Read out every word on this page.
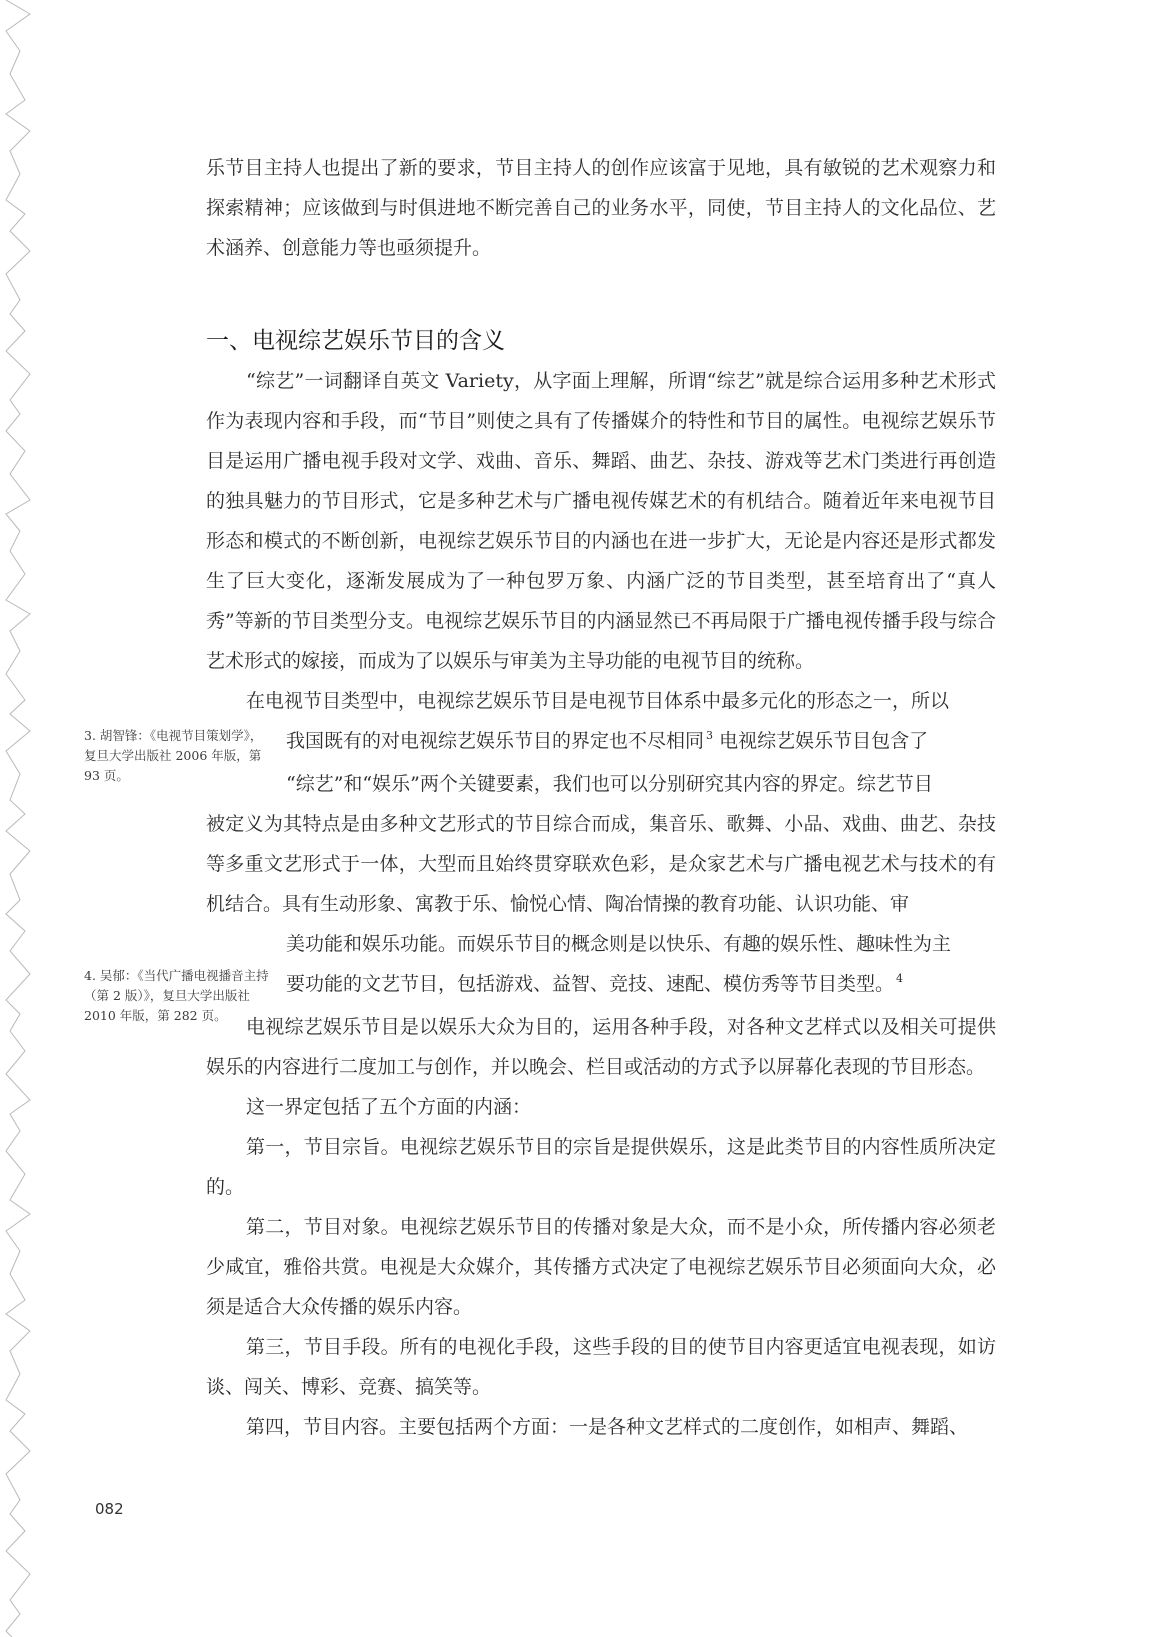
乐节目主持人也提出了新的要求，节目主持人的创作应该富于见地，具有敏锐的艺术观察力和探索精神；应该做到与时俱进地不断完善自己的业务水平，同使，节目主持人的文化品位、艺术涵养、创意能力等也亟须提升。

一、电视综艺娱乐节目的含义

“综艺”一词翻译自英文 Variety，从字面上理解，所谓“综艺”就是综合运用多种艺术形式作为表现内容和手段，而“节目”则使之具有了传播媒介的特性和节目的属性。电视综艺娱乐节目是运用广播电视手段对文学、戏曲、音乐、舞蹈、曲艺、杂技、游戏等艺术门类进行再创造的独具魅力的节目形式，它是多种艺术与广播电视传媒艺术的有机结合。随着近年来电视节目形态和模式的不断创新，电视综艺娱乐节目的内涵也在进一步扩大，无论是内容还是形式都发生了巨大变化，逐渐发展成为了一种包罗万象、内涵广泛的节目类型，甚至培育出了“真人秀”等新的节目类型分支。电视综艺娱乐节目的内涵显然已不再局限于广播电视传播手段与综合艺术形式的嫁接，而成为了以娱乐与审美为主导功能的电视节目的统称。

在电视节目类型中，电视综艺娱乐节目是电视节目体系中最多元化的形态之一，所以

我国既有的对电视综艺娱乐节目的界定也不尽相同 $^3$ 电视综艺娱乐节目包含了

“综艺”和“娱乐”两个关键要素，我们也可以分别研究其内容的界定。综艺节目

被定义为其特点是由多种文艺形式的节目综合而成，集音乐、歌舞、小品、戏曲、曲艺、杂技等多重文艺形式于一体，大型而且始终贯穿联欢色彩，是众家艺术与广播电视艺术与技术的有机结合。具有生动形象、寓教于乐、愉悦心情、陶冶情操的教育功能、认识功能、审

美功能和娱乐功能。而娱乐节目的概念则是以快乐、有趣的娱乐性、趣味性为主

要功能的文艺节目，包括游戏、益智、竞技、速配、模仿秀等节目类型。 $^4$

3. 胡智锋：《电视节目策划学》，复旦大学出版社 2006 年版，第 93 页。
4. 吴郁：《当代广播电视播音主持（第 2 版）》，复旦大学出版社 2010 年版，第 282 页。

电视综艺娱乐节目是以娱乐大众为目的，运用各种手段，对各种文艺样式以及相关可提供娱乐的内容进行二度加工与创作，并以晚会、栏目或活动的方式予以屏幕化表现的节目形态。

这一界定包括了五个方面的内涵：

第一，节目宗旨。电视综艺娱乐节目的宗旨是提供娱乐，这是此类节目的内容性质所决定的。

第二，节目对象。电视综艺娱乐节目的传播对象是大众，而不是小众，所传播内容必须老少咸宜，雅俗共赏。电视是大众媒介，其传播方式决定了电视综艺娱乐节目必须面向大众，必须是适合大众传播的娱乐内容。

第三，节目手段。所有的电视化手段，这些手段的目的使节目内容更适宜电视表现，如访谈、闯关、博彩、竞赛、搞笑等。

第四，节目内容。主要包括两个方面：一是各种文艺样式的二度创作，如相声、舞蹈、

082
